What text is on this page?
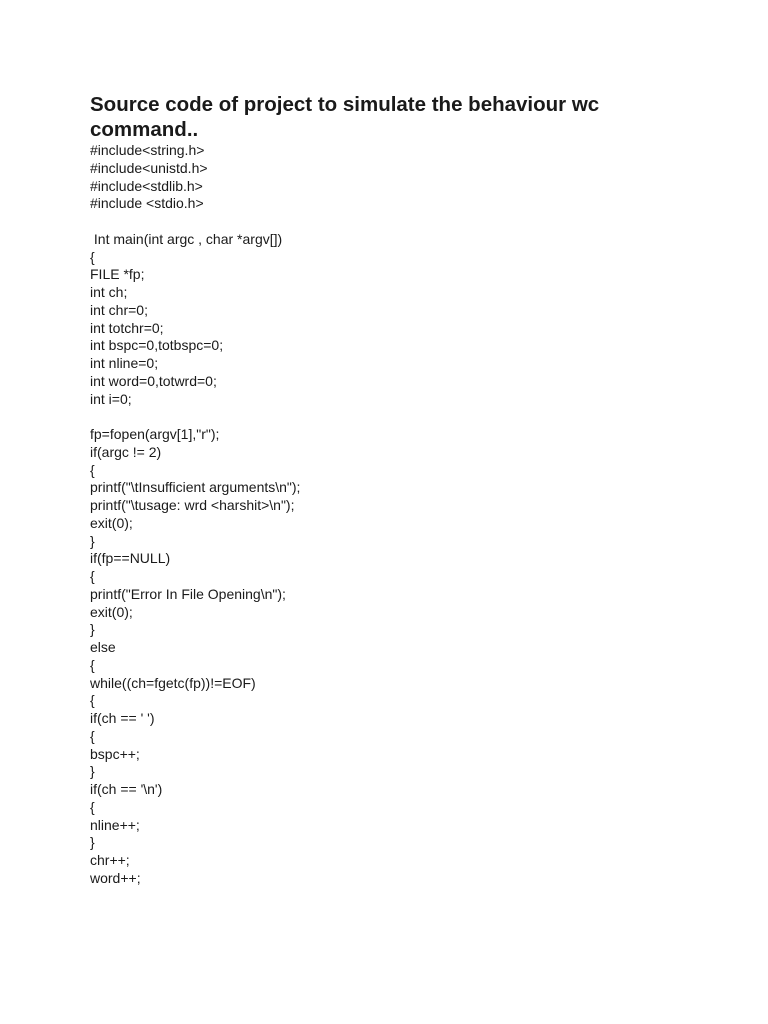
Source code of project to simulate the behaviour wc command..
#include<string.h>
#include<unistd.h>
#include<stdlib.h>
#include <stdio.h>
Int main(int argc , char *argv[])
{
FILE *fp;
int ch;
int chr=0;
int totchr=0;
int bspc=0,totbspc=0;
int nline=0;
int word=0,totwrd=0;
int i=0;
fp=fopen(argv[1],"r");
if(argc != 2)
{
printf("\tInsufficient arguments\n");
printf("\tusage: wrd <harshit>\n");
exit(0);
}
if(fp==NULL)
{
printf("Error In File Opening\n");
exit(0);
}
else
{
while((ch=fgetc(fp))!=EOF)
{
if(ch == ' ')
{
bspc++;
}
if(ch == '\n')
{
nline++;
}
chr++;
word++;
